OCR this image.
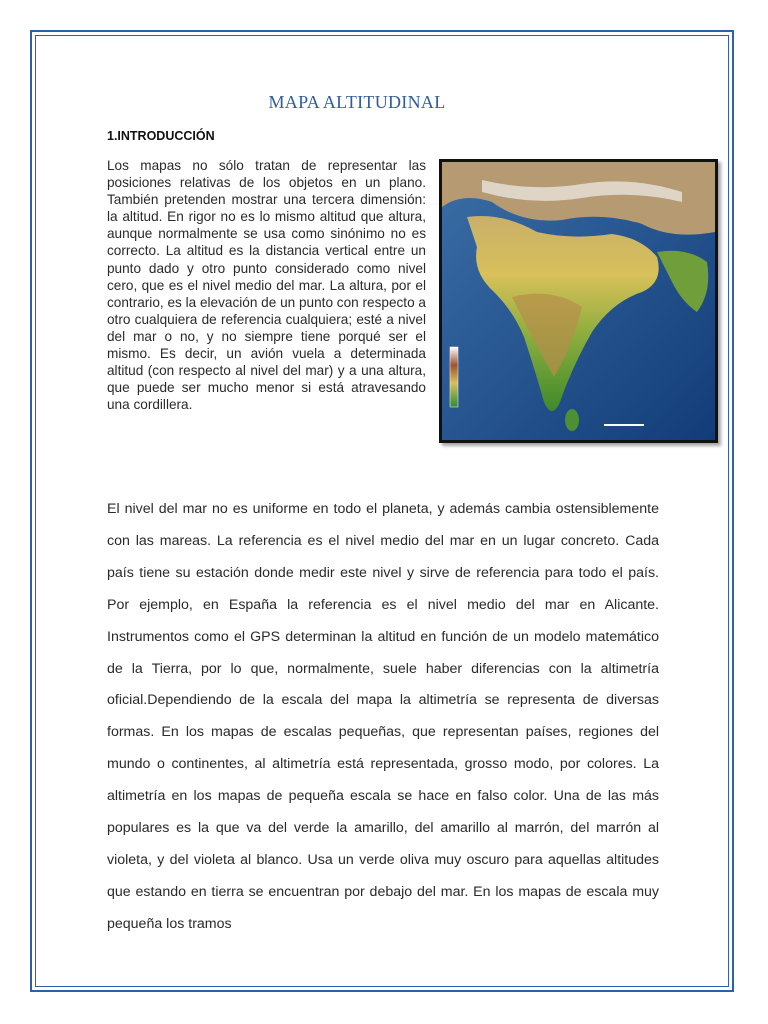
MAPA ALTITUDINAL
1.INTRODUCCIÓN
Los mapas no sólo tratan de representar las posiciones relativas de los objetos en un plano. También pretenden mostrar una tercera dimensión: la altitud. En rigor no es lo mismo altitud que altura, aunque normalmente se usa como sinónimo no es correcto. La altitud es la distancia vertical entre un punto dado y otro punto considerado como nivel cero, que es el nivel medio del mar. La altura, por el contrario, es la elevación de un punto con respecto a otro cualquiera de referencia cualquiera; esté a nivel del mar o no, y no siempre tiene porqué ser el mismo. Es decir, un avión vuela a determinada altitud (con respecto al nivel del mar) y a una altura, que puede ser mucho menor si está atravesando una cordillera.
El nivel del mar no es uniforme en todo el planeta, y además cambia ostensiblemente con las mareas. La referencia es el nivel medio del mar en un lugar concreto. Cada país tiene su estación donde medir este nivel y sirve de referencia para todo el país. Por ejemplo, en España la referencia es el nivel medio del mar en Alicante. Instrumentos como el GPS determinan la altitud en función de un modelo matemático de la Tierra, por lo que, normalmente, suele haber diferencias con la altimetría oficial.Dependiendo de la escala del mapa la altimetría se representa de diversas formas. En los mapas de escalas pequeñas, que representan países, regiones del mundo o continentes, al altimetría está representada, grosso modo, por colores. La altimetría en los mapas de pequeña escala se hace en falso color. Una de las más populares es la que va del verde la amarillo, del amarillo al marrón, del marrón al violeta, y del violeta al blanco. Usa un verde oliva muy oscuro para aquellas altitudes que estando en tierra se encuentran por debajo del mar. En los mapas de escala muy pequeña los tramos
